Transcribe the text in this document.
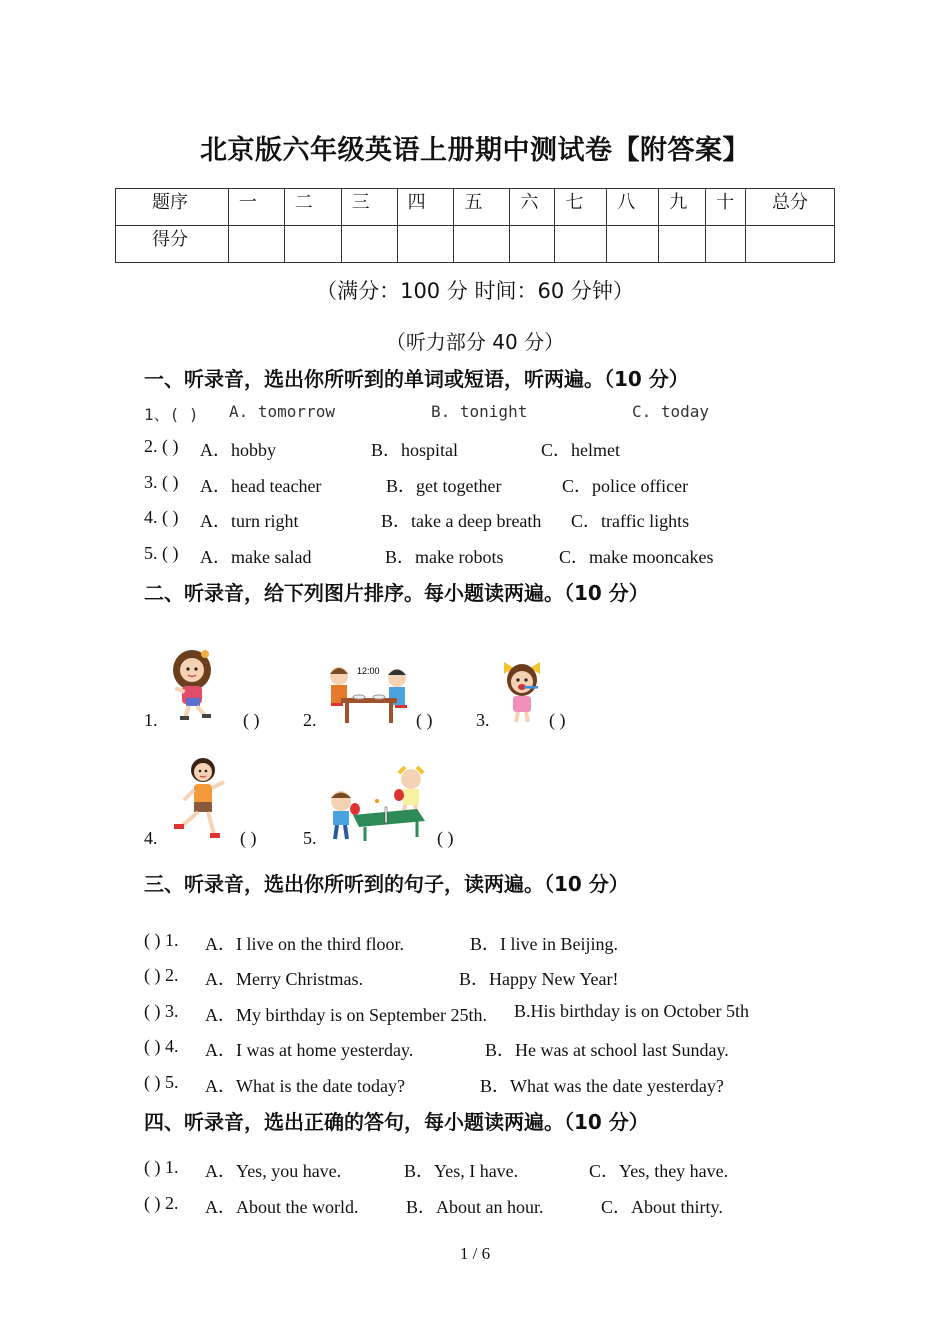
北京版六年级英语上册期中测试卷【附答案】
题序	一	二	三	四	五	六	七	八	九	十	总分
得分											
（满分：100 分 时间：60 分钟）
（听力部分 40 分）
一、听录音，选出你所听到的单词或短语，听两遍。（10 分）
1、( ) A. tomorrow	B. tonight	C. today
2. ( ) A．hobby	B．hospital	C．helmet
3. ( ) A．head teacher	B．get together	C．police officer
4. ( ) A．turn right	B．take a deep breath C．traffic lights
5. ( ) A．make salad	B．make robots	C．make mooncakes
二、听录音，给下列图片排序。每小题读两遍。（10 分）
1.	( )
12:00
2.	( ) 3.	( )
4.	( )	5.	( )
三、听录音，选出你所听到的句子，读两遍。（10 分）
( ) 1. A．I live on the third floor.	B．I live in Beijing.
( ) 2. A．Merry Christmas.	B．Happy New Year!
( ) 3. A．My birthday is on September 25th. B.His birthday is on October 5th
( ) 4. A．I was at home yesterday.	B．He was at school last Sunday.
( ) 5. A．What is the date today?	B．What was the date yesterday?
四、听录音，选出正确的答句，每小题读两遍。（10 分）
( ) 1. A．Yes, you have.	B．Yes, I have.	C．Yes, they have.
( ) 2. A．About the world.	B．About an hour.	C．About thirty.
1 / 6
